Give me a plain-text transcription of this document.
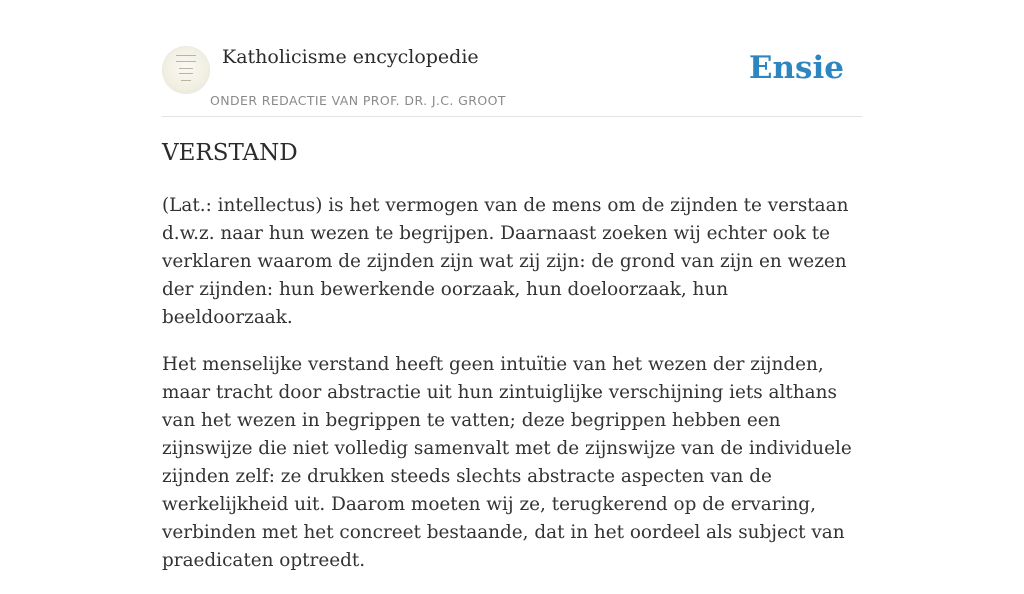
Katholicisme encyclopedie
ONDER REDACTIE VAN PROF. DR. J.C. GROOT
Ensie
VERSTAND

(Lat.: intellectus) is het vermogen van de mens om de zijnden te verstaan d.w.z. naar hun wezen te begrijpen. Daarnaast zoeken wij echter ook te verklaren waarom de zijnden zijn wat zij zijn: de grond van zijn en wezen der zijnden: hun bewerkende oorzaak, hun doeloorzaak, hun beeldoorzaak.

Het menselijke verstand heeft geen intuïtie van het wezen der zijnden, maar tracht door abstractie uit hun zintuiglijke verschijning iets althans van het wezen in begrippen te vatten; deze begrippen hebben een zijnswijze die niet volledig samenvalt met de zijnswijze van de individuele zijnden zelf: ze drukken steeds slechts abstracte aspecten van de werkelijkheid uit. Daarom moeten wij ze, terugkerend op de ervaring, verbinden met het concreet bestaande, dat in het oordeel als subject van praedicaten optreedt.
